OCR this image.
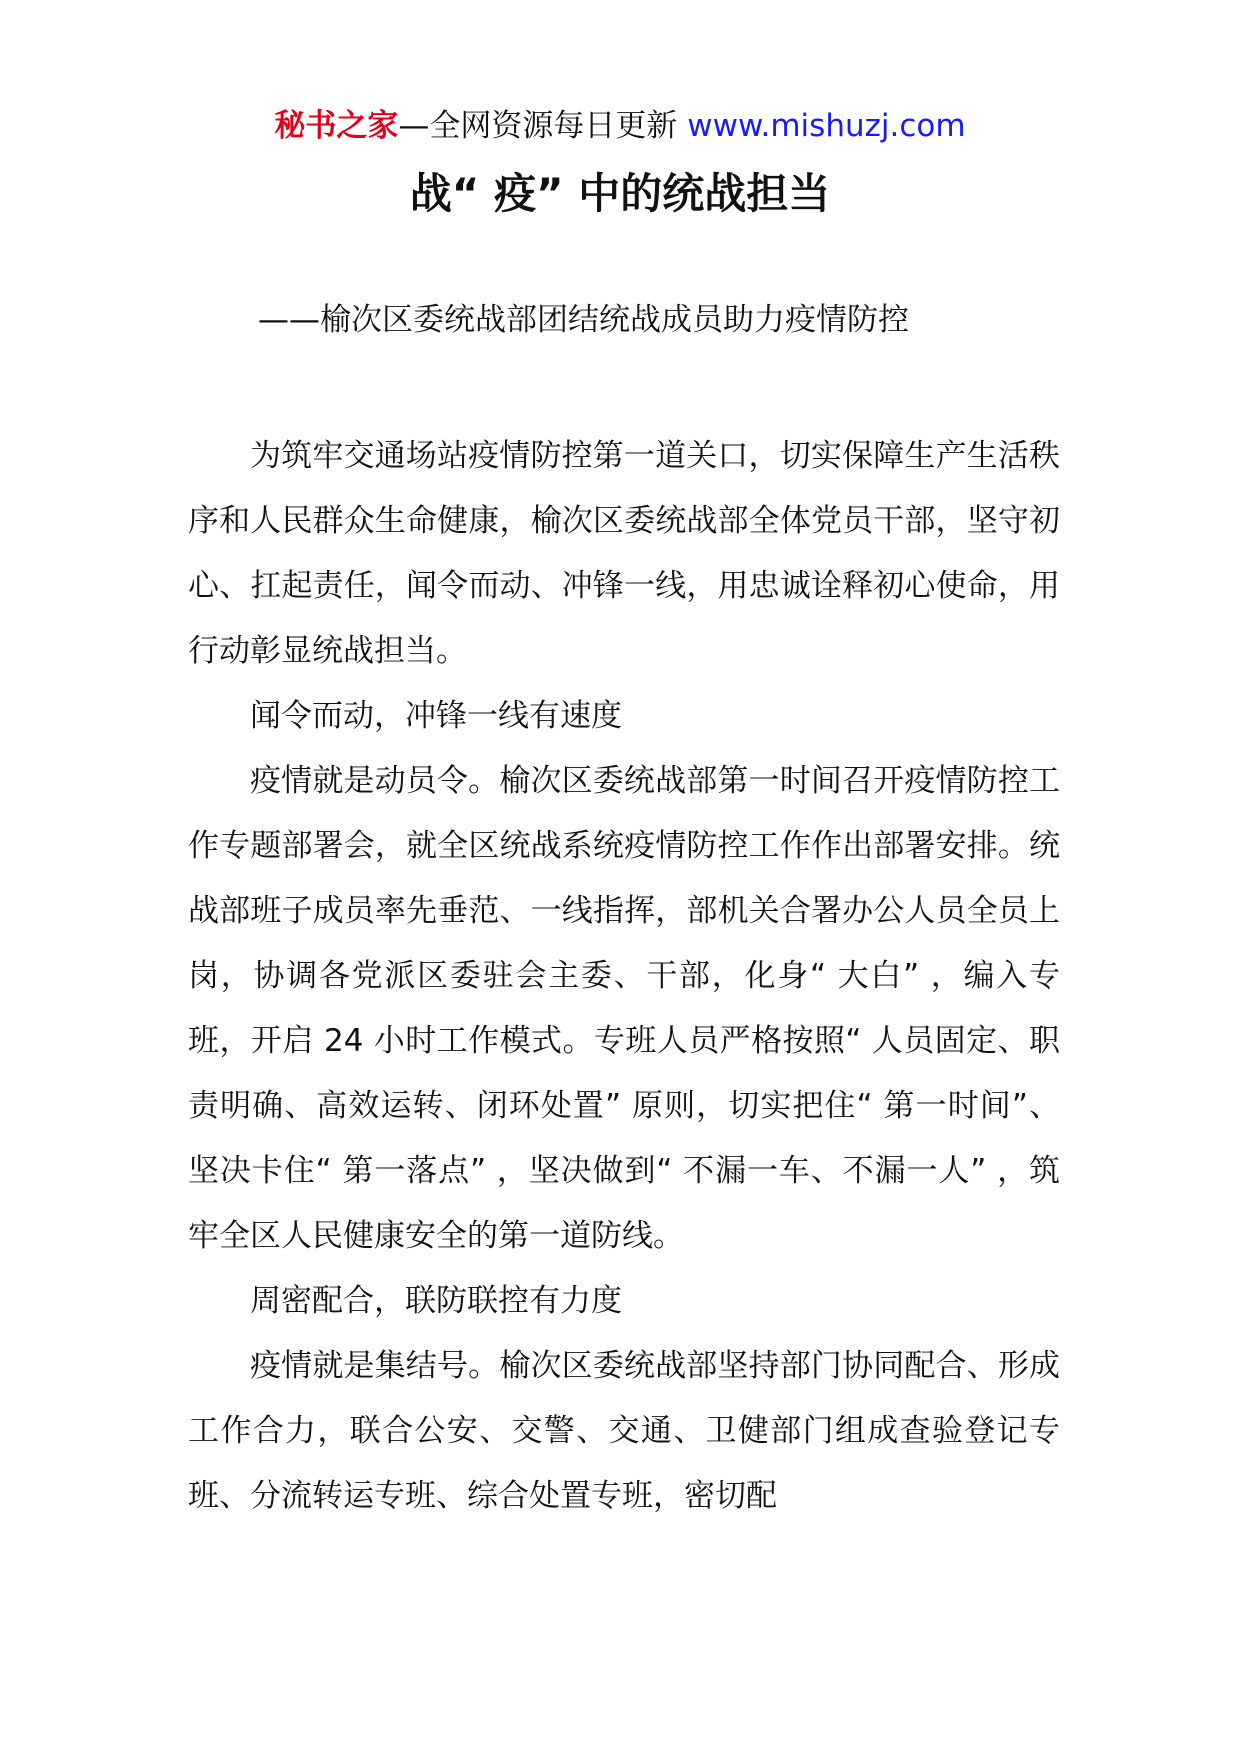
秘书之家—全网资源每日更新 www.mishuzj.com
战“ 疫” 中的统战担当
——榆次区委统战部团结统战成员助力疫情防控

为筑牢交通场站疫情防控第一道关口，切实保障生产生活秩序和人民群众生命健康，榆次区委统战部全体党员干部，坚守初心、扛起责任，闻令而动、冲锋一线，用忠诚诠释初心使命，用行动彰显统战担当。

闻令而动，冲锋一线有速度

疫情就是动员令。榆次区委统战部第一时间召开疫情防控工作专题部署会，就全区统战系统疫情防控工作作出部署安排。统战部班子成员率先垂范、一线指挥，部机关合署办公人员全员上岗，协调各党派区委驻会主委、干部，化身“ 大白” ，编入专班，开启 24 小时工作模式。专班人员严格按照“ 人员固定、职责明确、高效运转、闭环处置” 原则，切实把住“ 第一时间”、坚决卡住“ 第一落点” ，坚决做到“ 不漏一车、不漏一人” ，筑牢全区人民健康安全的第一道防线。

周密配合，联防联控有力度

疫情就是集结号。榆次区委统战部坚持部门协同配合、形成工作合力，联合公安、交警、交通、卫健部门组成查验登记专班、分流转运专班、综合处置专班，密切配
